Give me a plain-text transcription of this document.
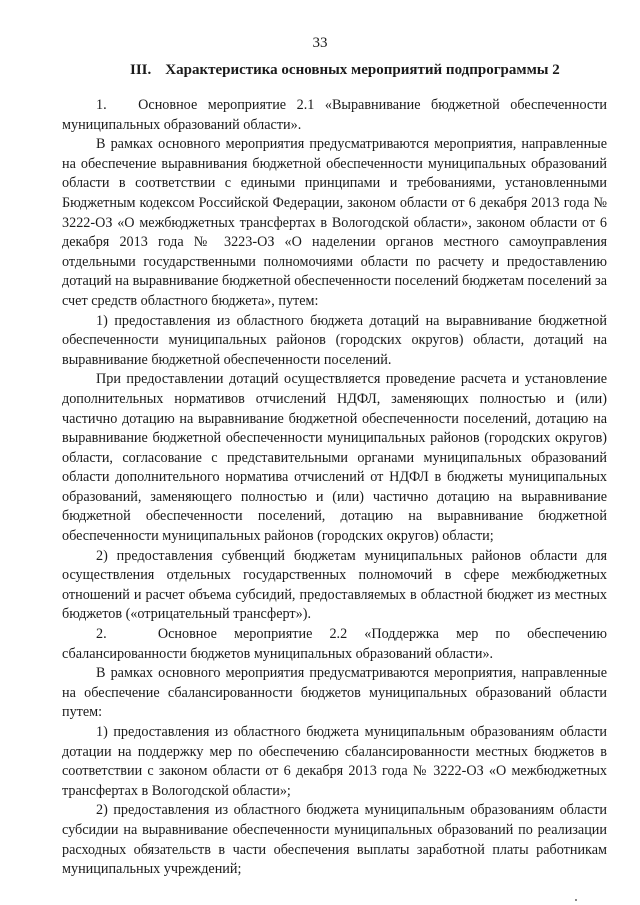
33
III. Характеристика основных мероприятий подпрограммы 2

1.   Основное мероприятие 2.1 «Выравнивание бюджетной обеспеченности муниципальных образований области».

В рамках основного мероприятия предусматриваются мероприятия, направленные на обеспечение выравнивания бюджетной обеспеченности муниципальных образований области в соответствии с едиными принципами и требованиями, установленными Бюджетным кодексом Российской Федерации, законом области от 6 декабря 2013 года № 3222-ОЗ «О межбюджетных трансфертах в Вологодской области», законом области от 6 декабря 2013 года № 3223-ОЗ «О наделении органов местного самоуправления отдельными государственными полномочиями области по расчету и предоставлению дотаций на выравнивание бюджетной обеспеченности поселений бюджетам поселений за счет средств областного бюджета», путем:

1) предоставления из областного бюджета дотаций на выравнивание бюджетной обеспеченности муниципальных районов (городских округов) области, дотаций на выравнивание бюджетной обеспеченности поселений.

При предоставлении дотаций осуществляется проведение расчета и установление дополнительных нормативов отчислений НДФЛ, заменяющих полностью и (или) частично дотацию на выравнивание бюджетной обеспеченности поселений, дотацию на выравнивание бюджетной обеспеченности муниципальных районов (городских округов) области, согласование с представительными органами муниципальных образований области дополнительного норматива отчислений от НДФЛ в бюджеты муниципальных образований, заменяющего полностью и (или) частично дотацию на выравнивание бюджетной обеспеченности поселений, дотацию на выравнивание бюджетной обеспеченности муниципальных районов (городских округов) области;

2) предоставления субвенций бюджетам муниципальных районов области для осуществления отдельных государственных полномочий в сфере межбюджетных отношений и расчет объема субсидий, предоставляемых в областной бюджет из местных бюджетов («отрицательный трансферт»).

2.   Основное мероприятие 2.2 «Поддержка мер по обеспечению сбалансированности бюджетов муниципальных образований области».

В рамках основного мероприятия предусматриваются мероприятия, направленные на обеспечение сбалансированности бюджетов муниципальных образований области путем:

1) предоставления из областного бюджета муниципальным образованиям области дотации на поддержку мер по обеспечению сбалансированности местных бюджетов в соответствии с законом области от 6 декабря 2013 года № 3222-ОЗ «О межбюджетных трансфертах в Вологодской области»;

2) предоставления из областного бюджета муниципальным образованиям области субсидии на выравнивание обеспеченности муниципальных образований по реализации расходных обязательств в части обеспечения выплаты заработной платы работникам муниципальных учреждений;
